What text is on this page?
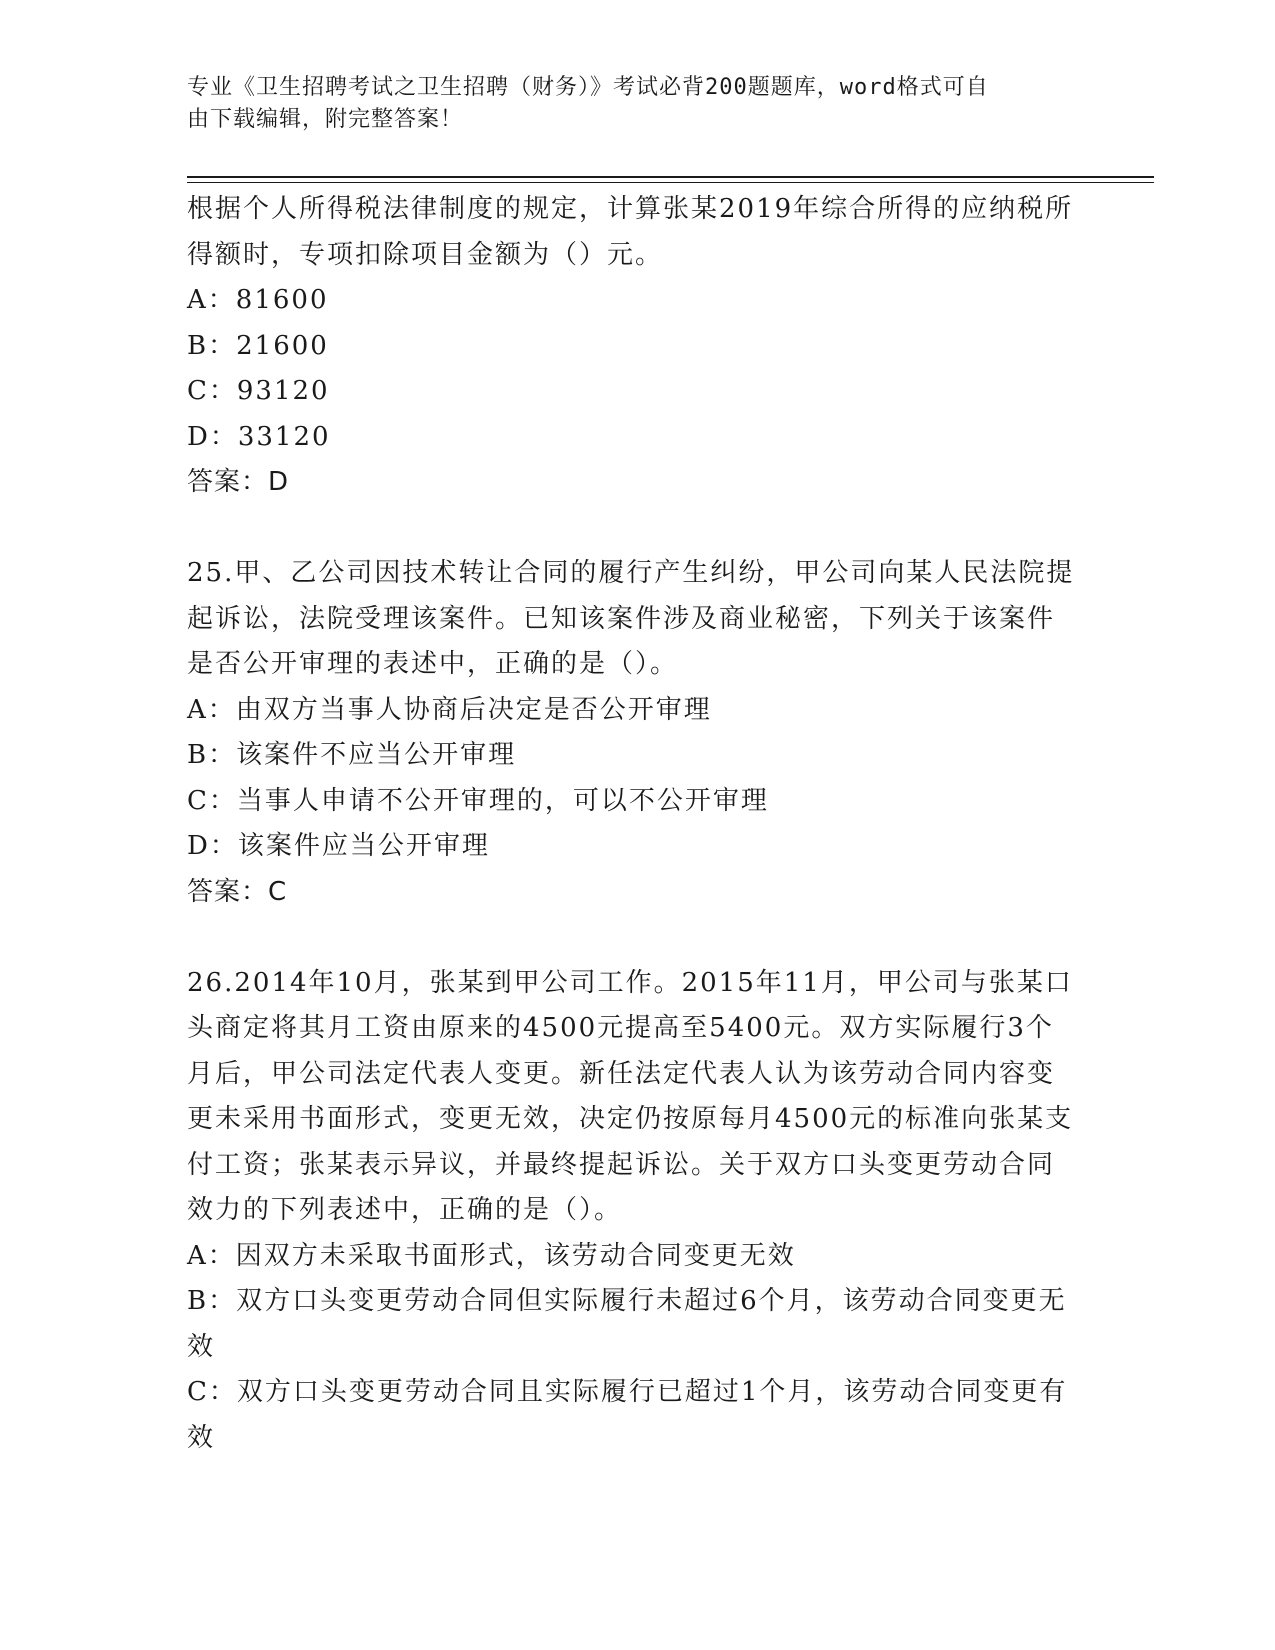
专业《卫生招聘考试之卫生招聘（财务）》考试必背200题题库，word格式可自
由下载编辑，附完整答案！

根据个人所得税法律制度的规定，计算张某2019年综合所得的应纳税所得额时，专项扣除项目金额为（）元。

A：81600

B：21600

C：93120

D：33120

答案：D

25.甲、乙公司因技术转让合同的履行产生纠纷，甲公司向某人民法院提起诉讼，法院受理该案件。已知该案件涉及商业秘密，下列关于该案件是否公开审理的表述中，正确的是（）。

A：由双方当事人协商后决定是否公开审理

B：该案件不应当公开审理

C：当事人申请不公开审理的，可以不公开审理

D：该案件应当公开审理

答案：C

26.2014年10月，张某到甲公司工作。2015年11月，甲公司与张某口头商定将其月工资由原来的4500元提高至5400元。双方实际履行3个月后，甲公司法定代表人变更。新任法定代表人认为该劳动合同内容变更未采用书面形式，变更无效，决定仍按原每月4500元的标准向张某支付工资；张某表示异议，并最终提起诉讼。关于双方口头变更劳动合同效力的下列表述中，正确的是（）。

A：因双方未采取书面形式，该劳动合同变更无效

B：双方口头变更劳动合同但实际履行未超过6个月，该劳动合同变更无效

C：双方口头变更劳动合同且实际履行已超过1个月，该劳动合同变更有效
